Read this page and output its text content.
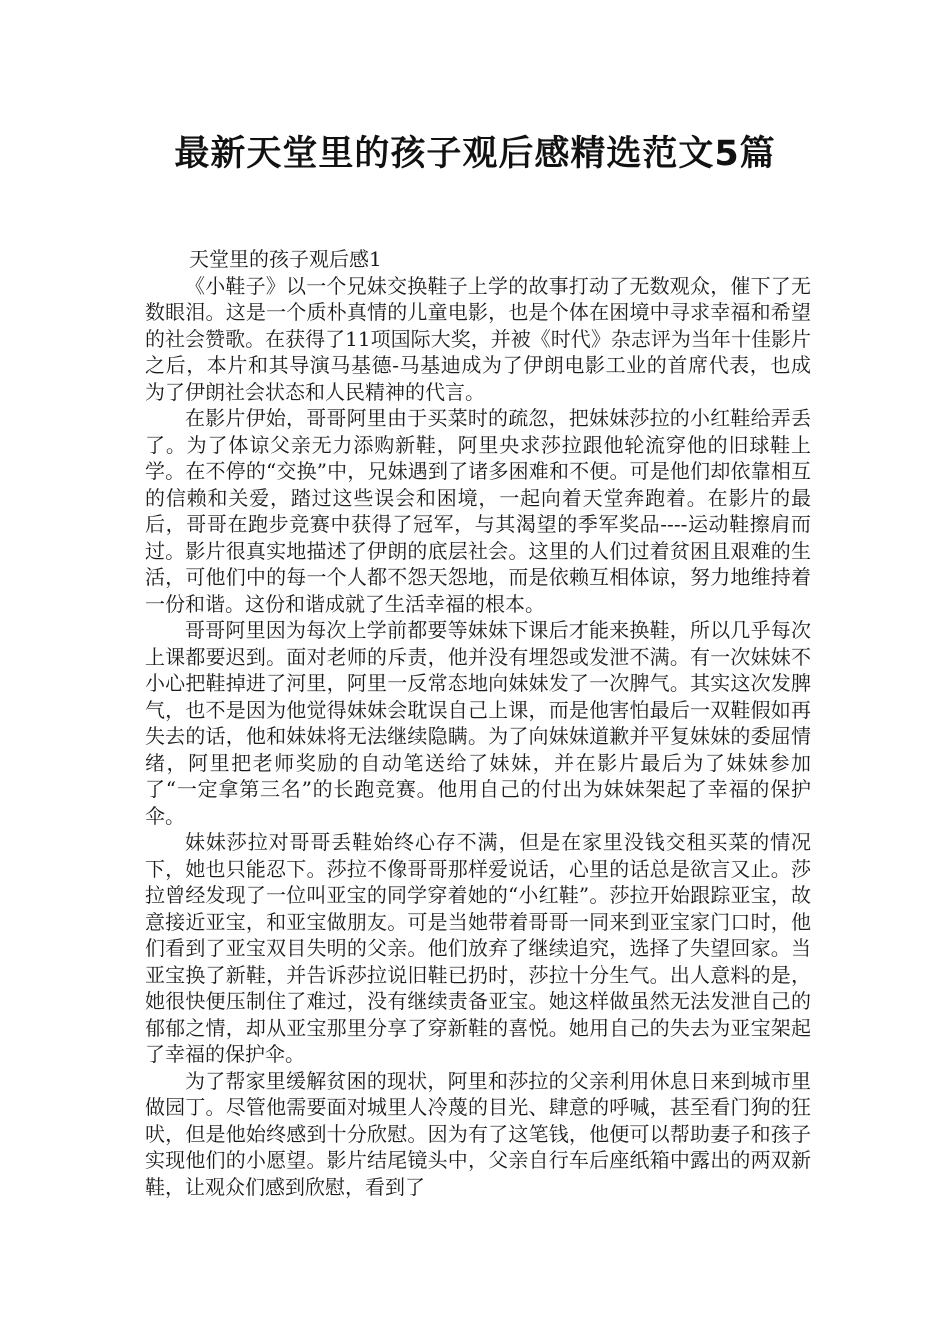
最新天堂里的孩子观后感精选范文5篇

天堂里的孩子观后感1

《小鞋子》以一个兄妹交换鞋子上学的故事打动了无数观众，催下了无数眼泪。这是一个质朴真情的儿童电影，也是个体在困境中寻求幸福和希望的社会赞歌。在获得了11项国际大奖，并被《时代》杂志评为当年十佳影片之后，本片和其导演马基德-马基迪成为了伊朗电影工业的首席代表，也成为了伊朗社会状态和人民精神的代言。

在影片伊始，哥哥阿里由于买菜时的疏忽，把妹妹莎拉的小红鞋给弄丢了。为了体谅父亲无力添购新鞋，阿里央求莎拉跟他轮流穿他的旧球鞋上学。在不停的“交换”中，兄妹遇到了诸多困难和不便。可是他们却依靠相互的信赖和关爱，踏过这些误会和困境，一起向着天堂奔跑着。在影片的最后，哥哥在跑步竞赛中获得了冠军，与其渴望的季军奖品----运动鞋擦肩而过。影片很真实地描述了伊朗的底层社会。这里的人们过着贫困且艰难的生活，可他们中的每一个人都不怨天怨地，而是依赖互相体谅，努力地维持着一份和谐。这份和谐成就了生活幸福的根本。

哥哥阿里因为每次上学前都要等妹妹下课后才能来换鞋，所以几乎每次上课都要迟到。面对老师的斥责，他并没有埋怨或发泄不满。有一次妹妹不小心把鞋掉进了河里，阿里一反常态地向妹妹发了一次脾气。其实这次发脾气，也不是因为他觉得妹妹会耽误自己上课，而是他害怕最后一双鞋假如再失去的话，他和妹妹将无法继续隐瞒。为了向妹妹道歉并平复妹妹的委屈情绪，阿里把老师奖励的自动笔送给了妹妹，并在影片最后为了妹妹参加了“一定拿第三名”的长跑竞赛。他用自己的付出为妹妹架起了幸福的保护伞。

妹妹莎拉对哥哥丢鞋始终心存不满，但是在家里没钱交租买菜的情况下，她也只能忍下。莎拉不像哥哥那样爱说话，心里的话总是欲言又止。莎拉曾经发现了一位叫亚宝的同学穿着她的“小红鞋”。莎拉开始跟踪亚宝，故意接近亚宝，和亚宝做朋友。可是当她带着哥哥一同来到亚宝家门口时，他们看到了亚宝双目失明的父亲。他们放弃了继续追究，选择了失望回家。当亚宝换了新鞋，并告诉莎拉说旧鞋已扔时，莎拉十分生气。出人意料的是，她很快便压制住了难过，没有继续责备亚宝。她这样做虽然无法发泄自己的郁郁之情，却从亚宝那里分享了穿新鞋的喜悦。她用自己的失去为亚宝架起了幸福的保护伞。

为了帮家里缓解贫困的现状，阿里和莎拉的父亲利用休息日来到城市里做园丁。尽管他需要面对城里人冷蔑的目光、肆意的呼喊，甚至看门狗的狂吠，但是他始终感到十分欣慰。因为有了这笔钱，他便可以帮助妻子和孩子实现他们的小愿望。影片结尾镜头中，父亲自行车后座纸箱中露出的两双新鞋，让观众们感到欣慰，看到了
